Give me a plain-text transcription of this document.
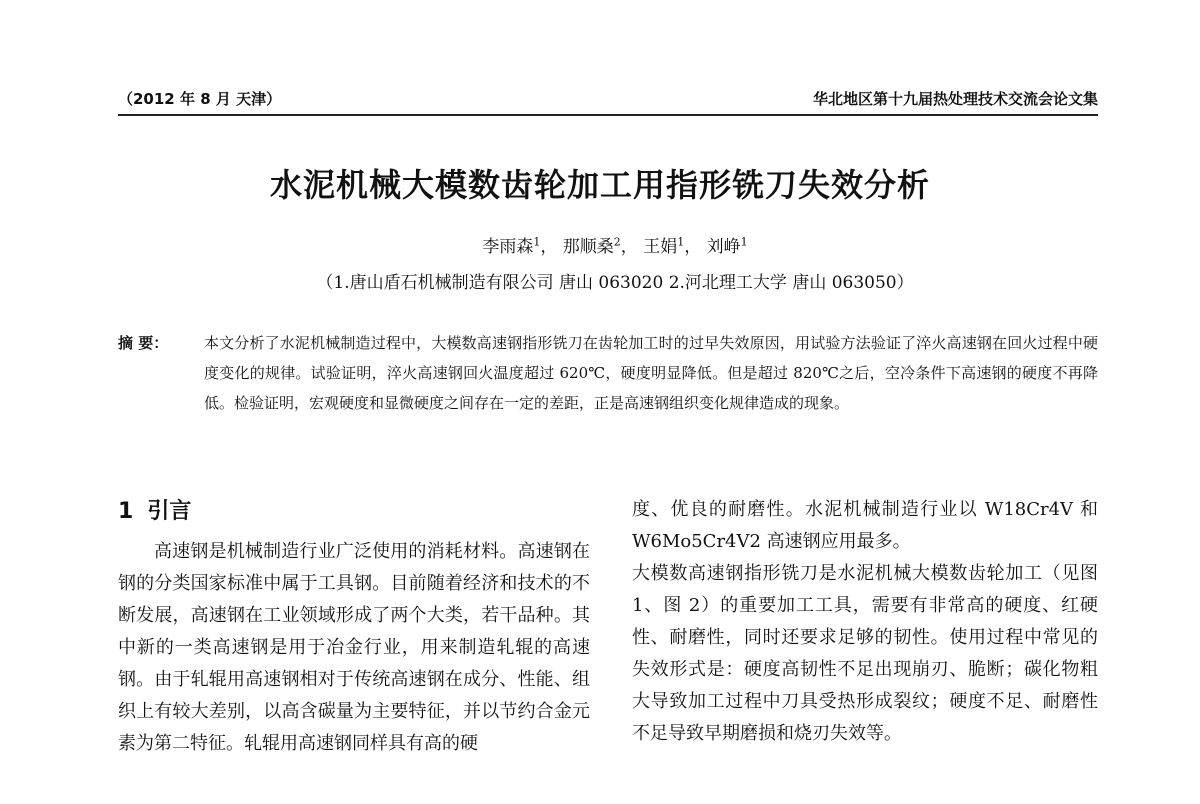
（2012 年 8 月 天津）	华北地区第十九届热处理技术交流会论文集
水泥机械大模数齿轮加工用指形铣刀失效分析
李雨森$^1$， 那顺桑$^2$， 王娟$^1$， 刘峥$^1$
（1.唐山盾石机械制造有限公司 唐山 063020 2.河北理工大学 唐山 063050）
摘 要： 本文分析了水泥机械制造过程中，大模数高速钢指形铣刀在齿轮加工时的过早失效原因，用试验方法验证了淬火高速钢在回火过程中硬度变化的规律。试验证明，淬火高速钢回火温度超过 620℃，硬度明显降低。但是超过 820℃之后，空冷条件下高速钢的硬度不再降低。检验证明，宏观硬度和显微硬度之间存在一定的差距，正是高速钢组织变化规律造成的现象。
1 引言

高速钢是机械制造行业广泛使用的消耗材料。高速钢在钢的分类国家标准中属于工具钢。目前随着经济和技术的不断发展，高速钢在工业领域形成了两个大类，若干品种。其中新的一类高速钢是用于冶金行业，用来制造轧辊的高速钢。由于轧辊用高速钢相对于传统高速钢在成分、性能、组织上有较大差别，以高含碳量为主要特征，并以节约合金元素为第二特征。轧辊用高速钢同样具有高的硬

度、优良的耐磨性。水泥机械制造行业以 W18Cr4V 和 W6Mo5Cr4V2 高速钢应用最多。

大模数高速钢指形铣刀是水泥机械大模数齿轮加工（见图 1、图 2）的重要加工工具，需要有非常高的硬度、红硬性、耐磨性，同时还要求足够的韧性。使用过程中常见的失效形式是：硬度高韧性不足出现崩刃、脆断；碳化物粗大导致加工过程中刀具受热形成裂纹；硬度不足、耐磨性不足导致早期磨损和烧刃失效等。
